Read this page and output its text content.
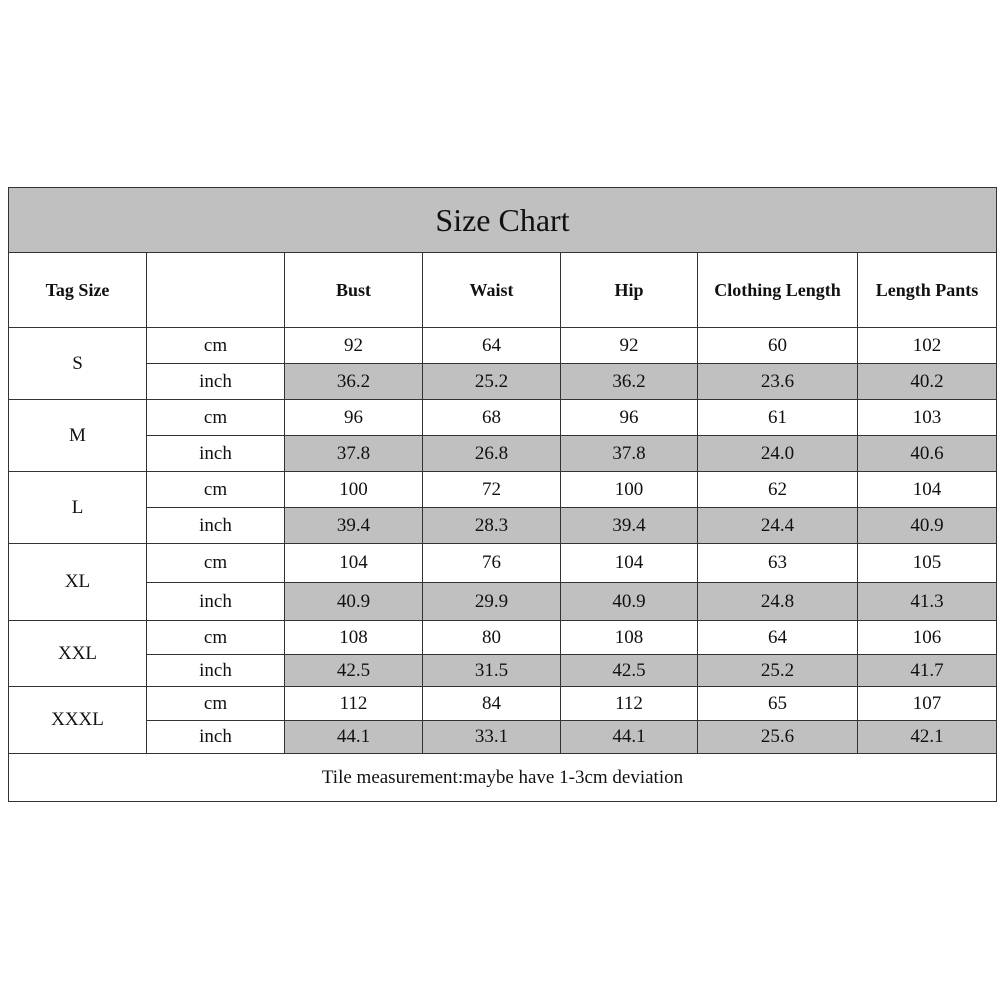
Size Chart						
Tag Size		Bust	Waist	Hip	Clothing Length	Length Pants
S	cm	92	64	92	60	102
	inch	36.2	25.2	36.2	23.6	40.2
M	cm	96	68	96	61	103
	inch	37.8	26.8	37.8	24.0	40.6
L	cm	100	72	100	62	104
	inch	39.4	28.3	39.4	24.4	40.9
XL	cm	104	76	104	63	105
	inch	40.9	29.9	40.9	24.8	41.3
XXL	cm	108	80	108	64	106
	inch	42.5	31.5	42.5	25.2	41.7
XXXL	cm	112	84	112	65	107
	inch	44.1	33.1	44.1	25.6	42.1
Tile measurement:maybe have 1-3cm deviation						
